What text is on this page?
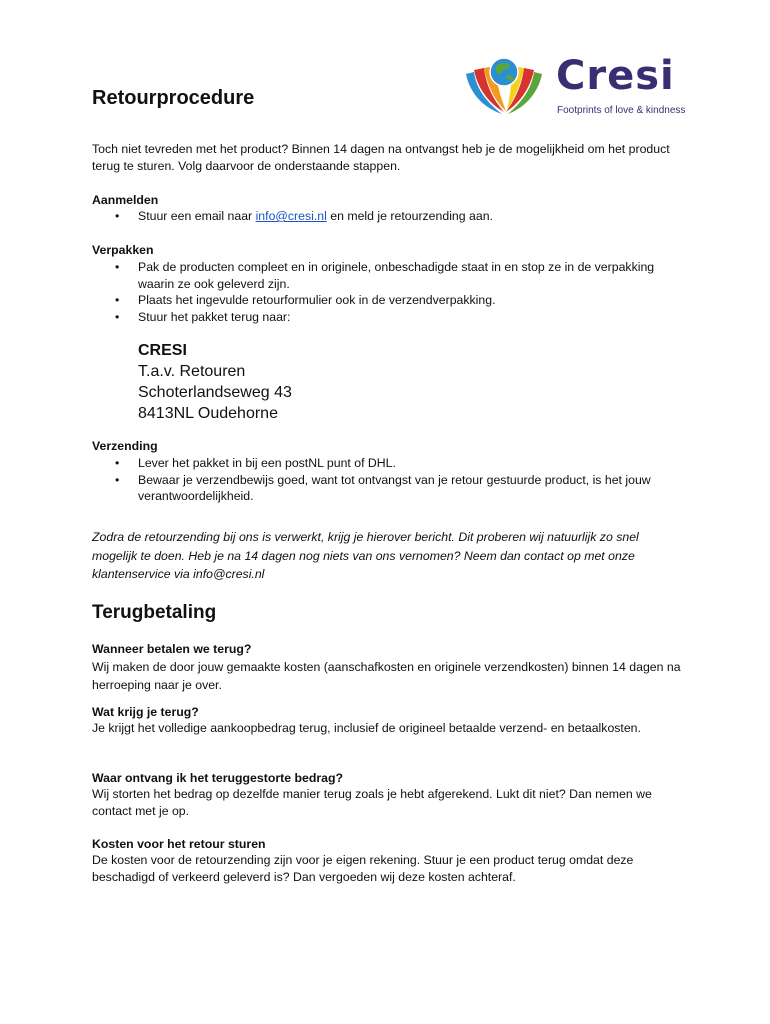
Cresi
Footprints of love & kindness
Retourprocedure

Toch niet tevreden met het product? Binnen 14 dagen na ontvangst heb je de mogelijkheid om het product terug te sturen. Volg daarvoor de onderstaande stappen.

Aanmelden

• Stuur een email naar info@cresi.nl en meld je retourzending aan.

Verpakken

• Pak de producten compleet en in originele, onbeschadigde staat in en stop ze in de verpakking waarin ze ook geleverd zijn.
• Plaats het ingevulde retourformulier ook in de verzendverpakking.
• Stuur het pakket terug naar:
CRESI
T.a.v. Retouren
Schoterlandseweg 43
8413NL Oudehorne

Verzending

• Lever het pakket in bij een postNL punt of DHL.
• Bewaar je verzendbewijs goed, want tot ontvangst van je retour gestuurde product, is het jouw verantwoordelijkheid.

Zodra de retourzending bij ons is verwerkt, krijg je hierover bericht. Dit proberen wij natuurlijk zo snel mogelijk te doen. Heb je na 14 dagen nog niets van ons vernomen? Neem dan contact op met onze klantenservice via info@cresi.nl

Terugbetaling

Wanneer betalen we terug?

Wij maken de door jouw gemaakte kosten (aanschafkosten en originele verzendkosten) binnen 14 dagen na herroeping naar je over.

Wat krijg je terug?

Je krijgt het volledige aankoopbedrag terug, inclusief de origineel betaalde verzend- en betaalkosten.

Waar ontvang ik het teruggestorte bedrag?

Wij storten het bedrag op dezelfde manier terug zoals je hebt afgerekend. Lukt dit niet? Dan nemen we contact met je op.

Kosten voor het retour sturen

De kosten voor de retourzending zijn voor je eigen rekening. Stuur je een product terug omdat deze beschadigd of verkeerd geleverd is? Dan vergoeden wij deze kosten achteraf.
